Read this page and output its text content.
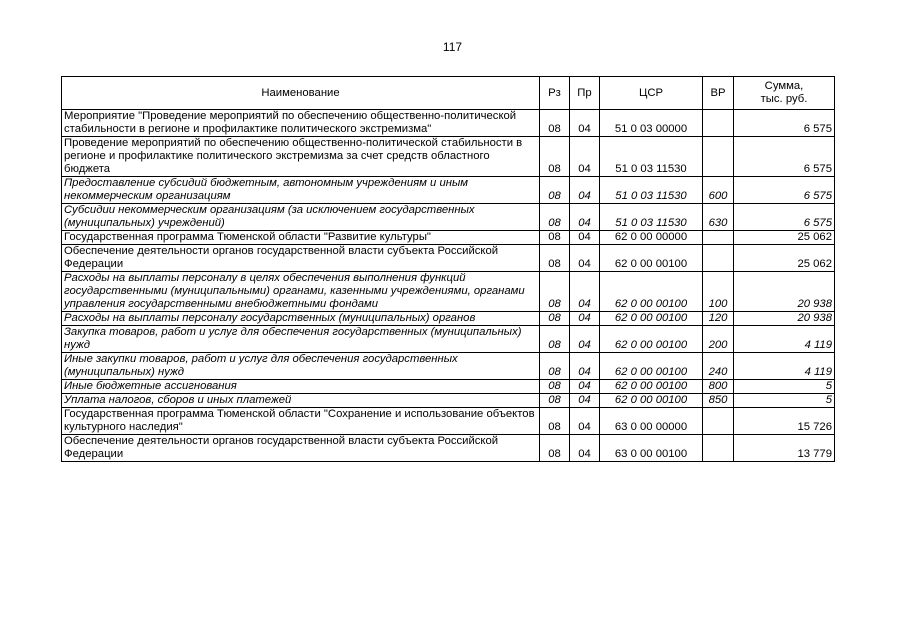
117
Наименование	Рз	Пр	ЦСР	ВР	Сумма,
тыс. руб.

Мероприятие "Проведение мероприятий по обеспечению общественно-политической стабильности в регионе и профилактике политического экстремизма"	08	04	51 0 03 00000		6 575
Проведение мероприятий по обеспечению общественно-политической стабильности в регионе и профилактике политического экстремизма за счет средств областного бюджета	08	04	51 0 03 11530		6 575
Предоставление субсидий бюджетным, автономным учреждениям и иным некоммерческим организациям	08	04	51 0 03 11530	600	6 575
Субсидии некоммерческим организациям (за исключением государственных (муниципальных) учреждений)	08	04	51 0 03 11530	630	6 575
Государственная программа Тюменской области "Развитие культуры"	08	04	62 0 00 00000		25 062
Обеспечение деятельности органов государственной власти субъекта Российской Федерации	08	04	62 0 00 00100		25 062
Расходы на выплаты персоналу в целях обеспечения выполнения функций государственными (муниципальными) органами, казенными учреждениями, органами управления государственными внебюджетными фондами	08	04	62 0 00 00100	100	20 938
Расходы на выплаты персоналу государственных (муниципальных) органов	08	04	62 0 00 00100	120	20 938
Закупка товаров, работ и услуг для обеспечения государственных (муниципальных) нужд	08	04	62 0 00 00100	200	4 119
Иные закупки товаров, работ и услуг для обеспечения государственных (муниципальных) нужд	08	04	62 0 00 00100	240	4 119
Иные бюджетные ассигнования	08	04	62 0 00 00100	800	5
Уплата налогов, сборов и иных платежей	08	04	62 0 00 00100	850	5
Государственная программа Тюменской области "Сохранение и использование объектов культурного наследия"	08	04	63 0 00 00000		15 726
Обеспечение деятельности органов государственной власти субъекта Российской Федерации	08	04	63 0 00 00100		13 779
